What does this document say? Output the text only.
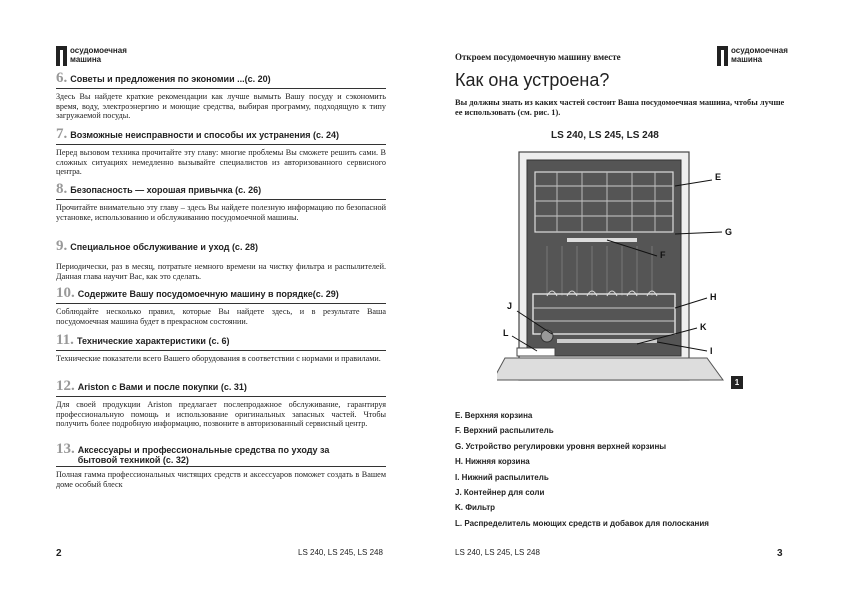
осудомоечная машина
6. Советы и предложения по экономии ...(с. 20)
Здесь Вы найдете краткие рекомендации как лучше вымыть Вашу посуду и сэкономить время, воду, электроэнергию и моющие средства, выбирая программу, подходящую к типу загружаемой посуды.
7. Возможные неисправности и способы их устранения (с. 24)
Перед вызовом техника прочитайте эту главу: многие проблемы Вы сможете решить сами. В сложных ситуациях немедленно вызывайте специалистов из авторизованного сервисного центра.
8. Безопасность — хорошая привычка (с. 26)
Прочитайте внимательно эту главу – здесь Вы найдете полезную информацию по безопасной установке, использованию и обслуживанию посудомоечной машины.
9. Специальное обслуживание и уход (с. 28)
Периодически, раз в месяц, потратьте немного времени на чистку фильтра и распылителей. Данная глава научит Вас, как это сделать.
10. Содержите Вашу посудомоечную машину в порядке(с. 29)
Соблюдайте несколько правил, которые Вы найдете здесь, и в результате Ваша посудомоечная машина будет в прекрасном состоянии.
11. Технические характеристики (с. 6)
Технические показатели всего Вашего оборудования в соответствии с нормами и правилами.
12. Ariston с Вами и после покупки (с. 31)
Для своей продукции Ariston предлагает послепродажное обслуживание, гарантируя профессиональную помощь и использование оригинальных запасных частей. Чтобы получить более подробную информацию, позвоните в авторизованный сервисный центр.
13. Аксессуары и профессиональные средства по уходу за бытовой техникой (с. 32)
Полная гамма профессиональных чистящих средств и аксессуаров поможет создать в Вашем доме особый блеск
2	LS 240, LS 245, LS 248
Откроем посудомоечную машину вместе
осудомоечная машина
Как она устроена?
Вы должны знать из каких частей состоит Ваша посудомоечная машина, чтобы лучше ее использовать (см. рис. 1).
LS 240, LS 245, LS 248
E
G
F
H
J
K
L
I
1
E. Верхняя корзина
F. Верхний распылитель
G. Устройство регулировки уровня верхней корзины
H. Нижняя корзина
I. Нижний распылитель
J. Контейнер для соли
K. Фильтр
L. Распределитель моющих средств и добавок для полоскания
LS 240, LS 245, LS 248	3
